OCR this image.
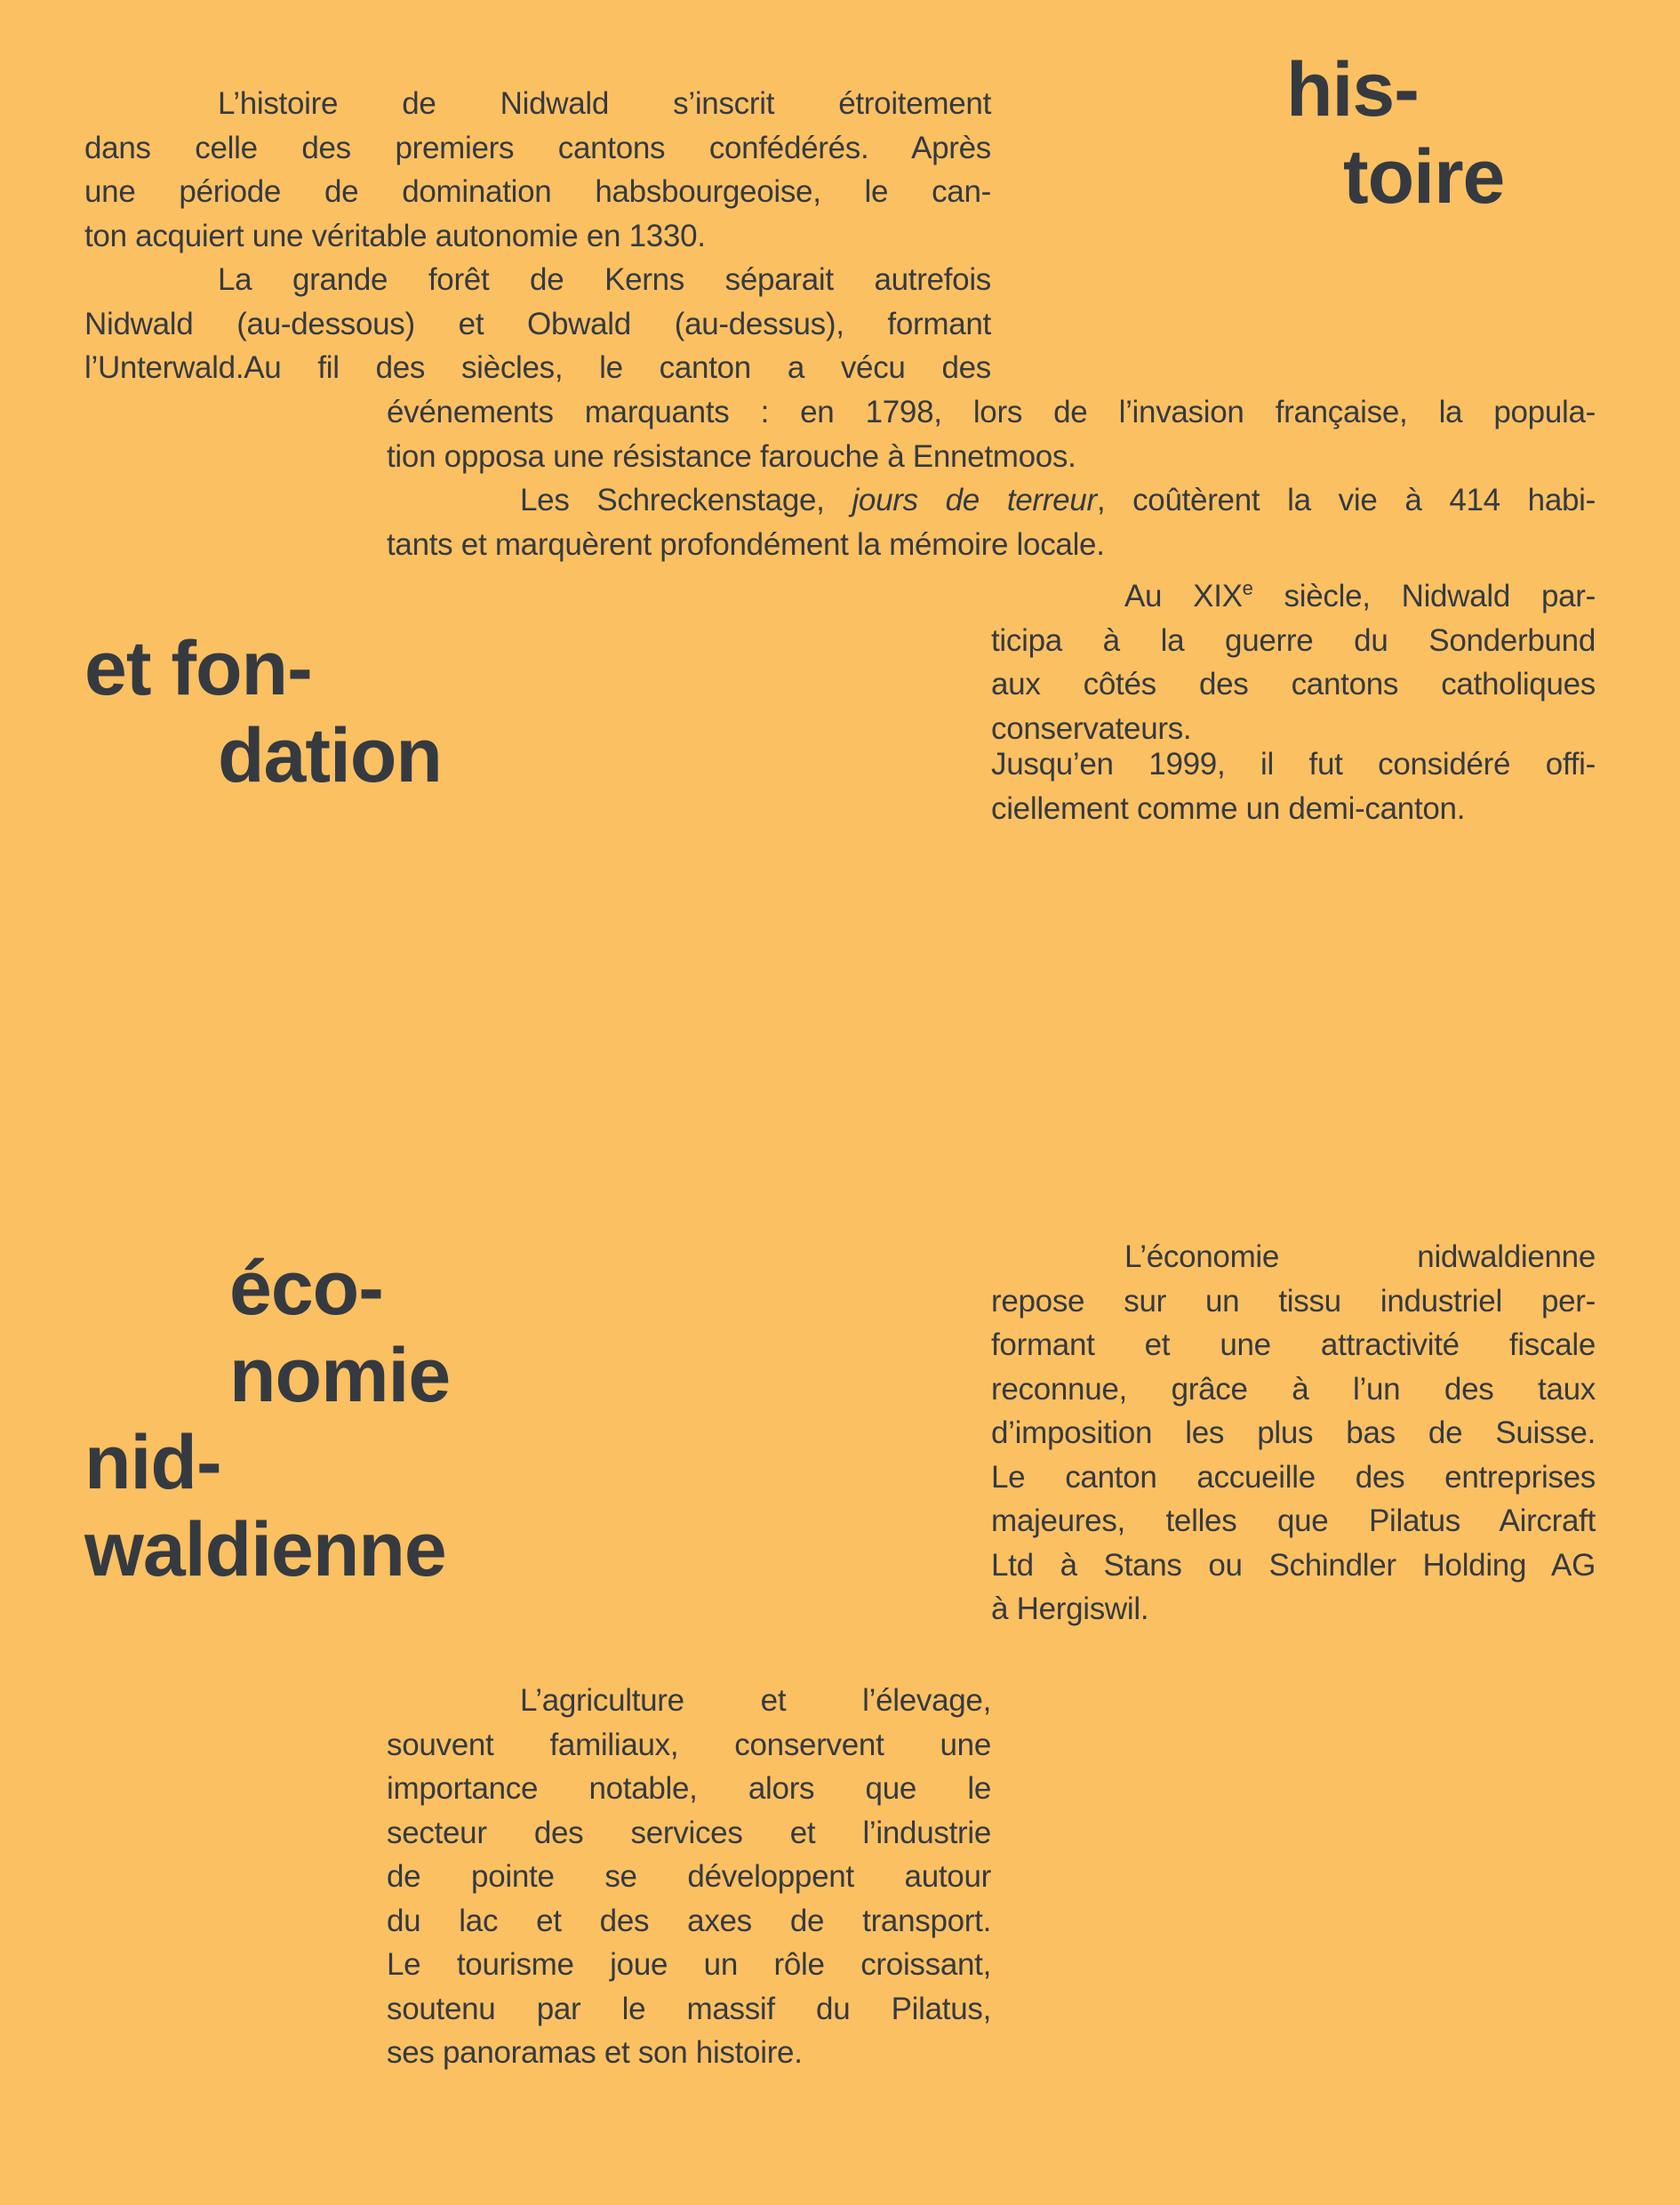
his-
toire
L’histoire de Nidwald s’inscrit étroitement
dans celle des premiers cantons confédérés. Après
une période de domination habsbourgeoise, le can-
ton acquiert une véritable autonomie en 1330.
La grande forêt de Kerns séparait autrefois
Nidwald (au-dessous) et Obwald (au-dessus), formant
l’Unterwald.Au fil des siècles, le canton a vécu des
événements marquants : en 1798, lors de l’invasion française, la popula-
tion opposa une résistance farouche à Ennetmoos.
Les Schreckenstage, jours de terreur, coûtèrent la vie à 414 habi-
tants et marquèrent profondément la mémoire locale.
et fon-
dation
Au XIXe siècle, Nidwald par-
ticipa à la guerre du Sonderbund
aux côtés des cantons catholiques
conservateurs.
Jusqu’en 1999, il fut considéré offi-
ciellement comme un demi-canton.
éco-
nomie
nid-
waldienne
L’économie nidwaldienne
repose sur un tissu industriel per-
formant et une attractivité fiscale
reconnue, grâce à l’un des taux
d’imposition les plus bas de Suisse.
Le canton accueille des entreprises
majeures, telles que Pilatus Aircraft
Ltd à Stans ou Schindler Holding AG
à Hergiswil.
L’agriculture et l’élevage,
souvent familiaux, conservent une
importance notable, alors que le
secteur des services et l’industrie
de pointe se développent autour
du lac et des axes de transport.
Le tourisme joue un rôle croissant,
soutenu par le massif du Pilatus,
ses panoramas et son histoire.
